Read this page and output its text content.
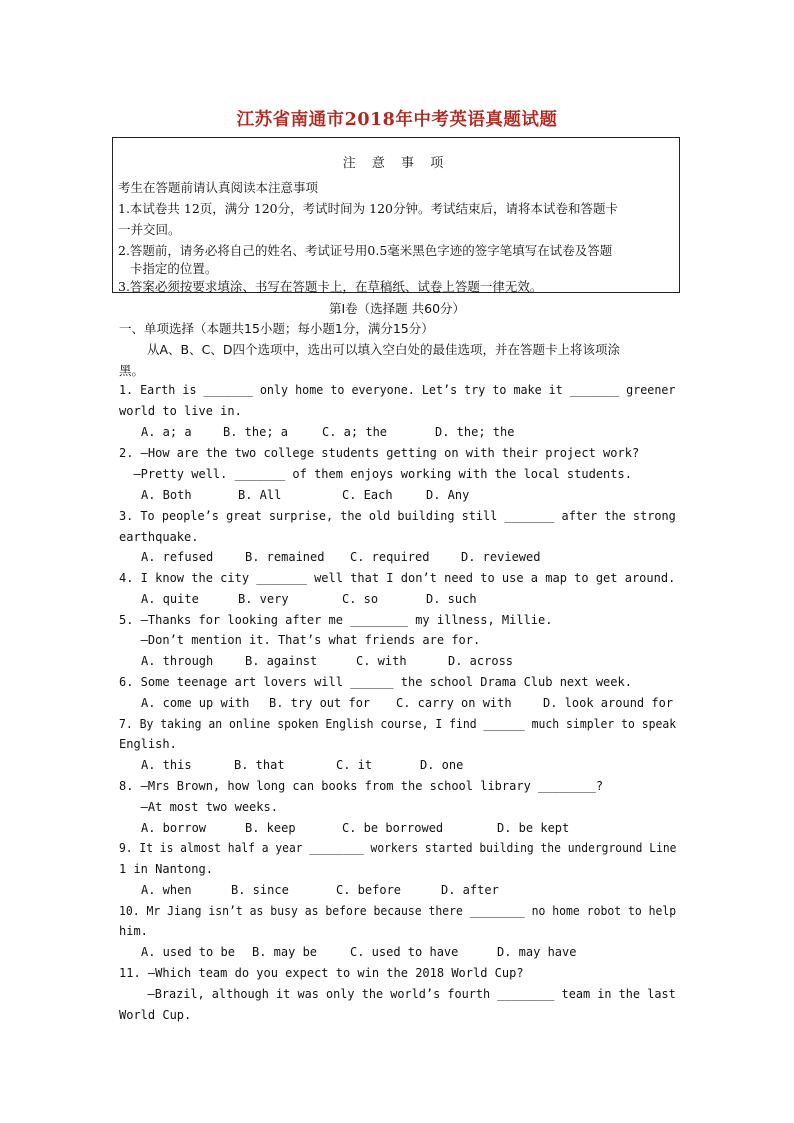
江苏省南通市2018年中考英语真题试题
注 意 事 项
考生在答题前请认真阅读本注意事项
1.本试卷共 12页，满分 120分，考试时间为 120分钟。考试结束后，请将本试卷和答题卡
一并交回。
2.答题前，请务必将自己的姓名、考试证号用0.5毫米黑色字迹的签字笔填写在试卷及答题
卡指定的位置。
3.答案必须按要求填涂、书写在答题卡上，在草稿纸、试卷上答题一律无效。
第Ⅰ卷（选择题 共60分）
一、单项选择（本题共15小题；每小题1分，满分15分）
从A、B、C、D四个选项中，选出可以填入空白处的最佳选项，并在答题卡上将该项涂
黑。
1. Earth is _______ only home to everyone. Let’s try to make it _______ greener
world to live in.
A. a; a	B. the; a	C. a; the	D. the; the
2. —How are the two college students getting on with their project work?
—Pretty well. _______ of them enjoys working with the local students.
A. Both	B. All	C. Each	D. Any
3. To people’s great surprise, the old building still _______ after the strong
earthquake.
A. refused	B. remained C. required	D. reviewed
4. I know the city _______ well that I don’t need to use a map to get around.
A. quite	B. very	C. so	D. such
5. —Thanks for looking after me ________ my illness, Millie.
—Don’t mention it. That’s what friends are for.
A. through	B. against	C. with	D. across
6. Some teenage art lovers will ______ the school Drama Club next week.
A. come up with B. try out for C. carry on with	D. look around for
7. By taking an online spoken English course, I find ______ much simpler to speak
English.
A. this	B. that	C. it	D. one
8. —Mrs Brown, how long can books from the school library ________?
—At most two weeks.
A. borrow	B. keep	C. be borrowed	D. be kept
9. It is almost half a year ________ workers started building the underground Line
1 in Nantong.
A. when	B. since	C. before	D. after
10. Mr Jiang isn’t as busy as before because there ________ no home robot to help
him.
A. used to be B. may be	C. used to have	D. may have
11. —Which team do you expect to win the 2018 World Cup?
—Brazil, although it was only the world’s fourth ________ team in the last
World Cup.
